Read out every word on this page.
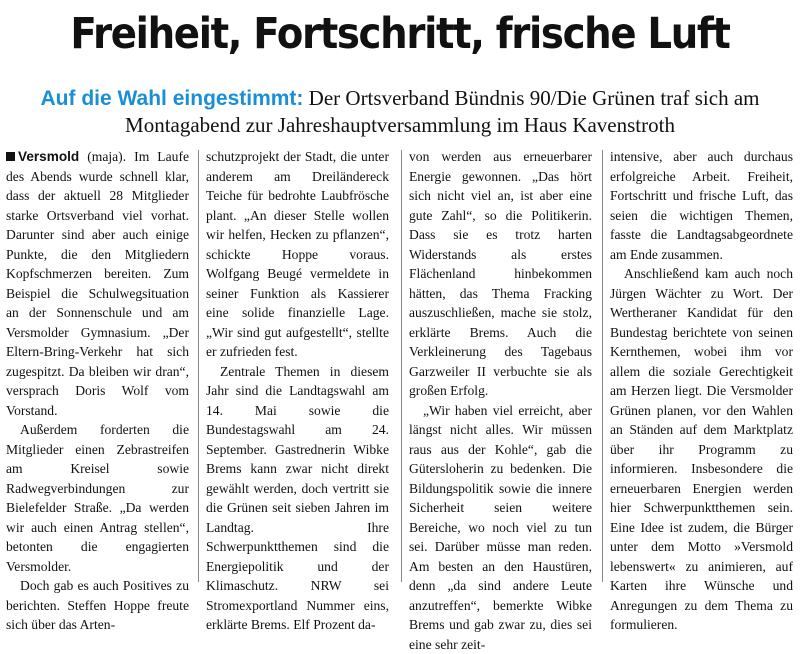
Freiheit, Fortschritt, frische Luft
Auf die Wahl eingestimmt: Der Ortsverband Bündnis 90/Die Grünen traf sich am Montagabend zur Jahreshauptversammlung im Haus Kavenstroth

Versmold (maja). Im Laufe des Abends wurde schnell klar, dass der aktuell 28 Mitglieder starke Ortsverband viel vorhat. Darunter sind aber auch einige Punkte, die den Mitgliedern Kopfschmerzen bereiten. Zum Beispiel die Schulwegsituation an der Sonnenschule und am Versmolder Gymnasium. „Der Eltern-Bring-Verkehr hat sich zugespitzt. Da bleiben wir dran“, versprach Doris Wolf vom Vorstand.

Außerdem forderten die Mitglieder einen Zebrastreifen am Kreisel sowie Radwegverbindungen zur Bielefelder Straße. „Da werden wir auch einen Antrag stellen“, betonten die engagierten Versmolder.

Doch gab es auch Positives zu berichten. Steffen Hoppe freute sich über das Arten-

schutzprojekt der Stadt, die unter anderem am Dreiländereck Teiche für bedrohte Laubfrösche plant. „An dieser Stelle wollen wir helfen, Hecken zu pflanzen“, schickte Hoppe voraus. Wolfgang Beugé vermeldete in seiner Funktion als Kassierer eine solide finanzielle Lage. „Wir sind gut aufgestellt“, stellte er zufrieden fest.

Zentrale Themen in diesem Jahr sind die Landtagswahl am 14. Mai sowie die Bundestagswahl am 24. September. Gastrednerin Wibke Brems kann zwar nicht direkt gewählt werden, doch vertritt sie die Grünen seit sieben Jahren im Landtag. Ihre Schwerpunktthemen sind die Energiepolitik und der Klimaschutz. NRW sei Stromexportland Nummer eins, erklärte Brems. Elf Prozent da-

von werden aus erneuerbarer Energie gewonnen. „Das hört sich nicht viel an, ist aber eine gute Zahl“, so die Politikerin. Dass sie es trotz harten Widerstands als erstes Flächenland hinbekommen hätten, das Thema Fracking auszuschließen, mache sie stolz, erklärte Brems. Auch die Verkleinerung des Tagebaus Garzweiler II verbuchte sie als großen Erfolg.

„Wir haben viel erreicht, aber längst nicht alles. Wir müssen raus aus der Kohle“, gab die Gütersloherin zu bedenken. Die Bildungspolitik sowie die innere Sicherheit seien weitere Bereiche, wo noch viel zu tun sei. Darüber müsse man reden. Am besten an den Haustüren, denn „da sind andere Leute anzutreffen“, bemerkte Wibke Brems und gab zwar zu, dies sei eine sehr zeit-

intensive, aber auch durchaus erfolgreiche Arbeit. Freiheit, Fortschritt und frische Luft, das seien die wichtigen Themen, fasste die Landtagsabgeordnete am Ende zusammen.

Anschließend kam auch noch Jürgen Wächter zu Wort. Der Wertheraner Kandidat für den Bundestag berichtete von seinen Kernthemen, wobei ihm vor allem die soziale Gerechtigkeit am Herzen liegt. Die Versmolder Grünen planen, vor den Wahlen an Ständen auf dem Marktplatz über ihr Programm zu informieren. Insbesondere die erneuerbaren Energien werden hier Schwerpunktthemen sein. Eine Idee ist zudem, die Bürger unter dem Motto »Versmold lebenswert« zu animieren, auf Karten ihre Wünsche und Anregungen zu dem Thema zu formulieren.
